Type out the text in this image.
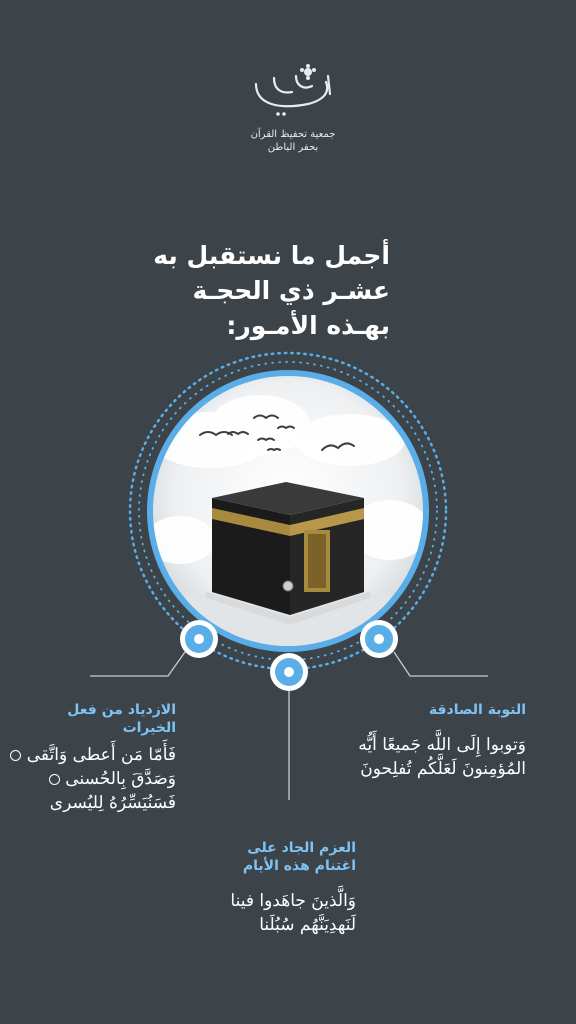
جمعية تحفيظ القرآن
بحفر الباطن
أجمل ما نستقبل به
عشـر ذي الحجـة
بهـذه الأمـور:
التوبة الصادقة
وَتوبوا إِلَى اللَّه جَميعًا أَيُّه
المُؤمِنونَ لَعَلَّكُم تُفلِحونَ
الازدياد من فعل
الخيرات
فَأَمّا مَن أَعطى وَاتَّقى
وَصَدَّقَ بِالحُسنى
فَسَنُيَسِّرُهُ لِليُسرى
العزم الجاد على
اغتنام هذه الأيام
وَالَّذينَ جاهَدوا فينا
لَنَهدِيَنَّهُم سُبُلَنا
